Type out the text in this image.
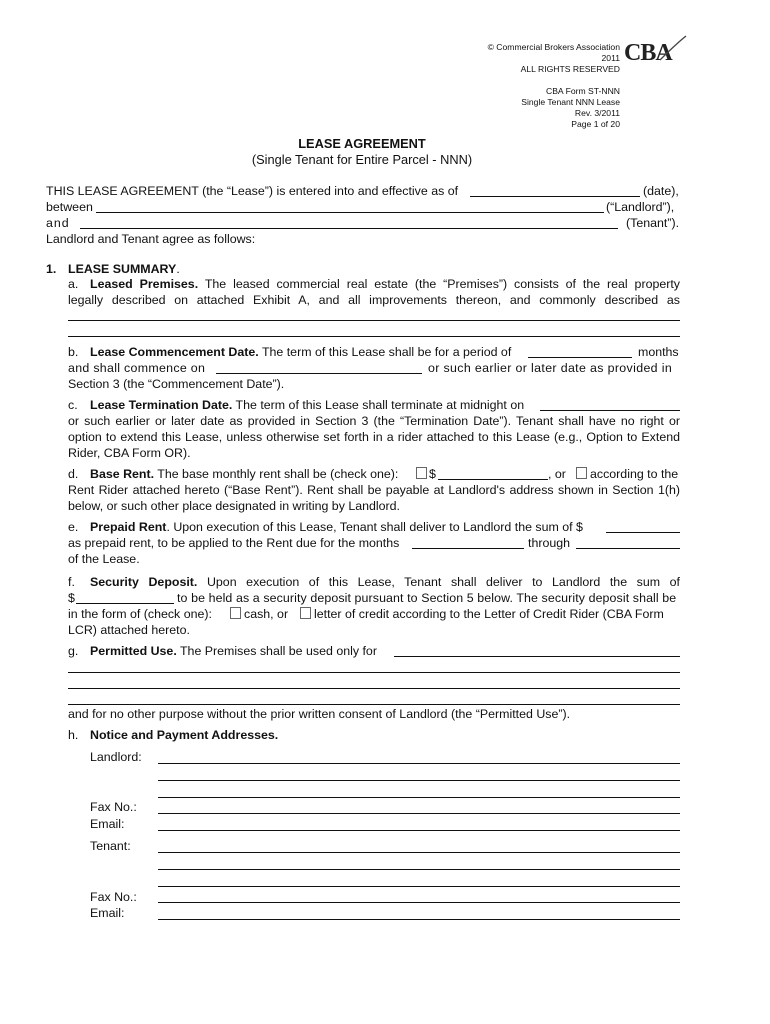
© Commercial Brokers Association
2011
ALL RIGHTS RESERVED
CBA Form ST-NNN
Single Tenant NNN Lease
Rev. 3/2011
Page 1 of 20
CBA
LEASE AGREEMENT
(Single Tenant for Entire Parcel - NNN)
THIS LEASE AGREEMENT (the “Lease”) is entered into and effective as of	(date),
between	(“Landlord”),
and	(Tenant”).
Landlord and Tenant agree as follows:
1. LEASE SUMMARY.
a. Leased Premises. The leased commercial real estate (the “Premises”) consists of the real property
legally described on attached Exhibit A, and all improvements thereon, and commonly described as
b. Lease Commencement Date. The term of this Lease shall be for a period of	months
and shall commence on	or such earlier or later date as provided in
Section 3 (the “Commencement Date”).
c. Lease Termination Date. The term of this Lease shall terminate at midnight on
or such earlier or later date as provided in Section 3 (the “Termination Date”). Tenant shall have no right or
option to extend this Lease, unless otherwise set forth in a rider attached to this Lease (e.g., Option to Extend
Rider, CBA Form OR).
d. Base Rent. The base monthly rent shall be (check one): $	, or according to the
Rent Rider attached hereto (“Base Rent”). Rent shall be payable at Landlord's address shown in Section 1(h)
below, or such other place designated in writing by Landlord.
e. Prepaid Rent. Upon execution of this Lease, Tenant shall deliver to Landlord the sum of $
as prepaid rent, to be applied to the Rent due for the months	through
of the Lease.
f. Security Deposit. Upon execution of this Lease, Tenant shall deliver to Landlord the sum of
$	to be held as a security deposit pursuant to Section 5 below. The security deposit shall be
in the form of (check one):	cash, or letter of credit according to the Letter of Credit Rider (CBA Form
LCR) attached hereto.
g. Permitted Use. The Premises shall be used only for
and for no other purpose without the prior written consent of Landlord (the “Permitted Use”).
h. Notice and Payment Addresses.
Landlord:
Fax No.:
Email:
Tenant:
Fax No.:
Email:
